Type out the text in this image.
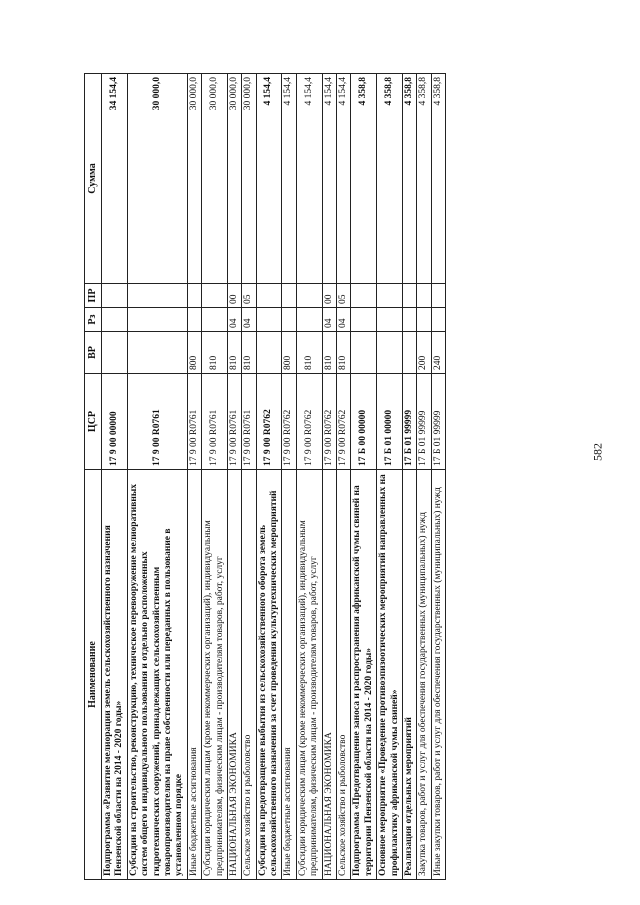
582
Наименование	ЦСР	ВР	Рз	ПР	Сумма
Подпрограмма «Развитие мелиорации земель сельскохозяйственного назначения Пензенской области на 2014 - 2020 годы»	17 9 00 00000				34 154,4
Субсидии на строительство, реконструкцию, техническое перевооружение мелиоративных систем общего и индивидуального пользования и отдельно расположенных гидротехнических сооружений, принадлежащих сельскохозяйственным товаропроизводителям на праве собственности или переданных в пользование в установленном порядке	17 9 00 R0761				30 000,0
Иные бюджетные ассигнования	17 9 00 R0761	800			30 000,0
Субсидии юридическим лицам (кроме некоммерческих организаций), индивидуальным предпринимателям, физическим лицам - производителям товаров, работ, услуг	17 9 00 R0761	810			30 000,0
НАЦИОНАЛЬНАЯ ЭКОНОМИКА	17 9 00 R0761	810	04	00	30 000,0
Сельское хозяйство и рыболовство	17 9 00 R0761	810	04	05	30 000,0
Субсидии на предотвращение выбытия из сельскохозяйственного оборота земель сельскохозяйственного назначения за счет проведения культуртехнических мероприятий	17 9 00 R0762				4 154,4
Иные бюджетные ассигнования	17 9 00 R0762	800			4 154,4
Субсидии юридическим лицам (кроме некоммерческих организаций), индивидуальным предпринимателям, физическим лицам - производителям товаров, работ, услуг	17 9 00 R0762	810			4 154,4
НАЦИОНАЛЬНАЯ ЭКОНОМИКА	17 9 00 R0762	810	04	00	4 154,4
Сельское хозяйство и рыболовство	17 9 00 R0762	810	04	05	4 154,4
Подпрограмма «Предотвращение заноса и распространения африканской чумы свиней на территории Пензенской области на 2014 - 2020 годы»	17 Б 00 00000				4 358,8
Основное мероприятие «Проведение противоэпизоотических мероприятий направленных на профилактику африканской чумы свиней»	17 Б 01 00000				4 358,8
Реализация отдельных мероприятий	17 Б 01 99999				4 358,8
Закупка товаров, работ и услуг для обеспечения государственных (муниципальных) нужд	17 Б 01 99999	200			4 358,8
Иные закупки товаров, работ и услуг для обеспечения государственных (муниципальных) нужд	17 Б 01 99999	240			4 358,8
